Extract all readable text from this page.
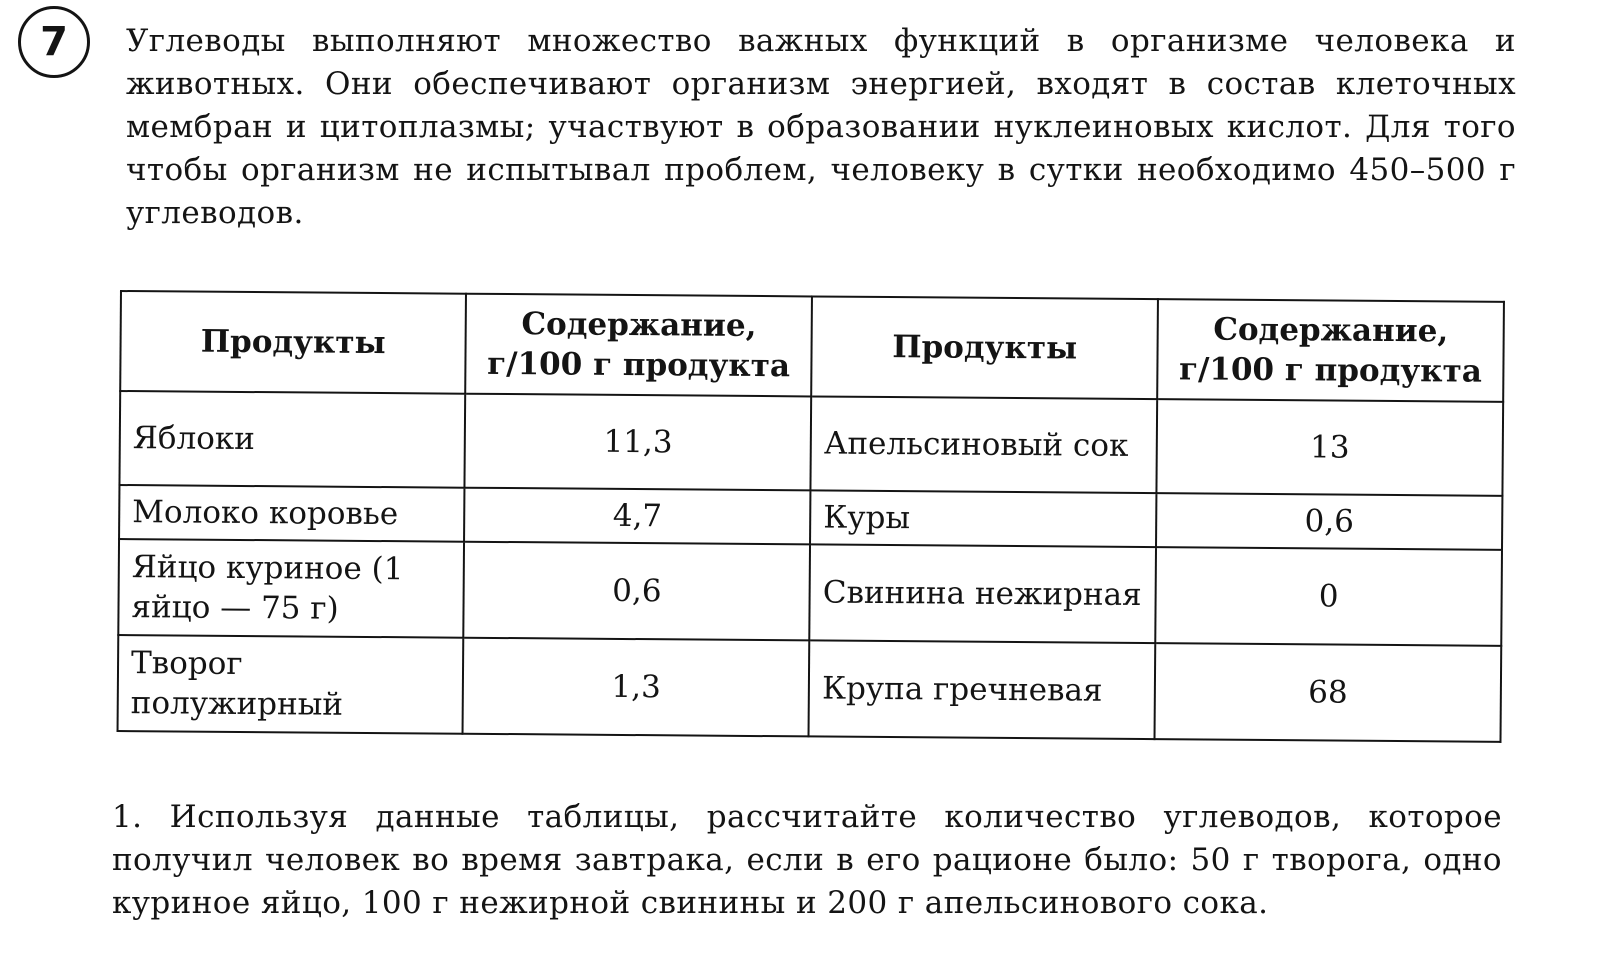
7 Углеводы выполняют множество важных функций в организме человека и животных. Они обеспечивают организм энергией, входят в состав клеточных мембран и цитоплазмы; участвуют в образовании нуклеиновых кислот. Для того чтобы организм не испытывал проблем, человеку в сутки необходимо 450–500 г углеводов.

Продукты	Содержание, г/100 г продукта	Продукты	Содержание, г/100 г продукта
Яблоки	11,3	Апельсиновый сок	13
Молоко коровье	4,7	Куры	0,6
Яйцо куриное (1 яйцо — 75 г)	0,6	Свинина нежирная	0
Творог полужирный	1,3	Крупа гречневая	68

1. Используя данные таблицы, рассчитайте количество углеводов, которое получил человек во время завтрака, если в его рационе было: 50 г творога, одно куриное яйцо, 100 г нежирной свинины и 200 г апельсинового сока.
